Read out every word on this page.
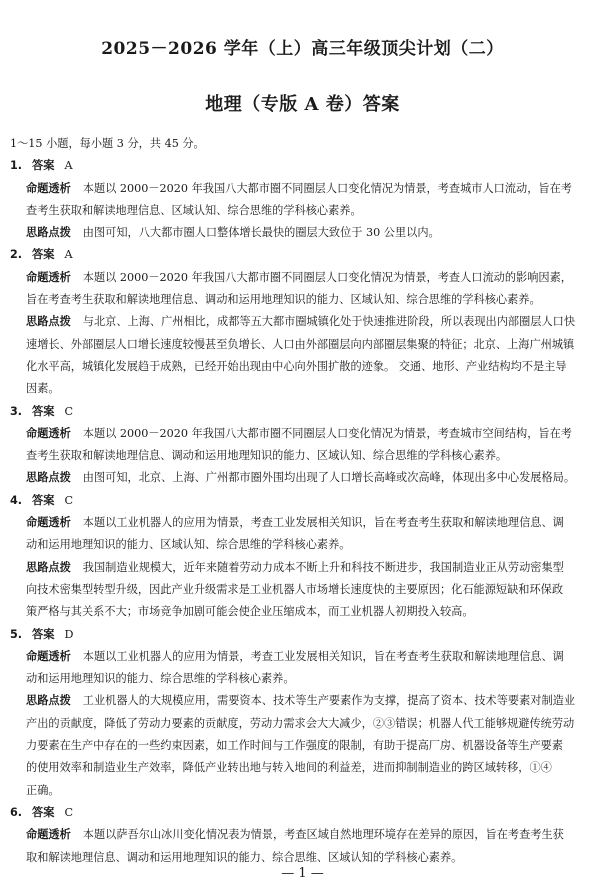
2025－2026 学年（上）高三年级顶尖计划（二）
地理（专版 A 卷）答案
1～15 小题，每小题 3 分，共 45 分。
1. 答案 A
命题透析 本题以 2000－2020 年我国八大都市圈不同圈层人口变化情况为情景，考查城市人口流动，旨在考
查考生获取和解读地理信息、区域认知、综合思维的学科核心素养。
思路点拨 由图可知，八大都市圈人口整体增长最快的圈层大致位于 30 公里以内。
2. 答案 A
命题透析 本题以 2000－2020 年我国八大都市圈不同圈层人口变化情况为情景，考查人口流动的影响因素，
旨在考查考生获取和解读地理信息、调动和运用地理知识的能力、区域认知、综合思维的学科核心素养。
思路点拨 与北京、上海、广州相比，成都等五大都市圈城镇化处于快速推进阶段，所以表现出内部圈层人口快
速增长、外部圈层人口增长速度较慢甚至负增长、人口由外部圈层向内部圈层集聚的特征；北京、上海广州城镇
化水平高，城镇化发展趋于成熟，已经开始出现由中心向外围扩散的迹象。 交通、地形、产业结构均不是主导
因素。
3. 答案 C
命题透析 本题以 2000－2020 年我国八大都市圈不同圈层人口变化情况为情景，考查城市空间结构，旨在考
查考生获取和解读地理信息、调动和运用地理知识的能力、区域认知、综合思维的学科核心素养。
思路点拨 由图可知，北京、上海、广州都市圈外围均出现了人口增长高峰或次高峰，体现出多中心发展格局。
4. 答案 C
命题透析 本题以工业机器人的应用为情景，考查工业发展相关知识，旨在考查考生获取和解读地理信息、调
动和运用地理知识的能力、区域认知、综合思维的学科核心素养。
思路点拨 我国制造业规模大，近年来随着劳动力成本不断上升和科技不断进步，我国制造业正从劳动密集型
向技术密集型转型升级，因此产业升级需求是工业机器人市场增长速度快的主要原因；化石能源短缺和环保政
策严格与其关系不大；市场竞争加剧可能会使企业压缩成本，而工业机器人初期投入较高。
5. 答案 D
命题透析 本题以工业机器人的应用为情景，考查工业发展相关知识，旨在考查考生获取和解读地理信息、调
动和运用地理知识的能力、综合思维的学科核心素养。
思路点拨 工业机器人的大规模应用，需要资本、技术等生产要素作为支撑，提高了资本、技术等要素对制造业
产出的贡献度，降低了劳动力要素的贡献度，劳动力需求会大大减少，②③错误；机器人代工能够规避传统劳动
力要素在生产中存在的一些约束因素，如工作时间与工作强度的限制，有助于提高厂房、机器设备等生产要素
的使用效率和制造业生产效率，降低产业转出地与转入地间的利益差，进而抑制制造业的跨区域转移，①④
正确。
6. 答案 C
命题透析 本题以萨吾尔山冰川变化情况表为情景，考查区域自然地理环境存在差异的原因，旨在考查考生获
取和解读地理信息、调动和运用地理知识的能力、综合思维、区域认知的学科核心素养。
— 1 —
